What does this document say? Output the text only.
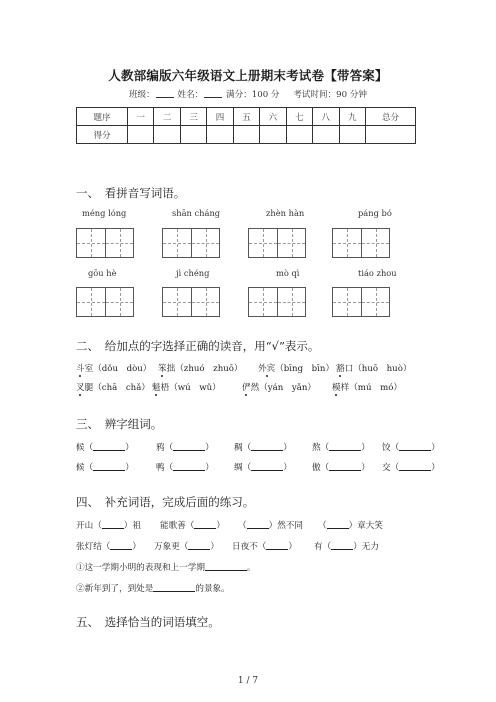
人教部编版六年级语文上册期末考试卷【带答案】
班级：	姓名：	满分：100 分 考试时间：90 分钟
题序	一	二	三	四	五	六	七	八	九	总分
得分										
一、　看拼音写词语。
méng lóng	shān cháng	zhèn hàn	páng bó
gōu hè	jì chéng	mò qì	tiáo zhou
二、　给加点的字选择正确的读音，用“√”表示。
斗室（dǒu　dòu） 笨拙（zhuó　zhuō） 外宾（bīng　bīn） 豁口（huō　huò）
叉腿（chā　chǎ） 魁梧（wú　wǔ） 俨然（yán　yǎn） 模样（mú　mó）
三、　辨字组词。
候（	）	鸦（	） 稠（	） 熬（	） 饺（	）
候（	）	鸭（	） 绸（	） 傲（	） 交（	）
四、　补充词语，完成后面的练习。
开山（	）祖 能歌善（	） （	）然不同 （	）章大笑
张灯结（	） 万象更（	） 日夜不（	） 有（	）无力
①这一学期小明的表现和上一学期	。
②新年到了，到处是	的景象。
五、　选择恰当的词语填空。
1 / 7
